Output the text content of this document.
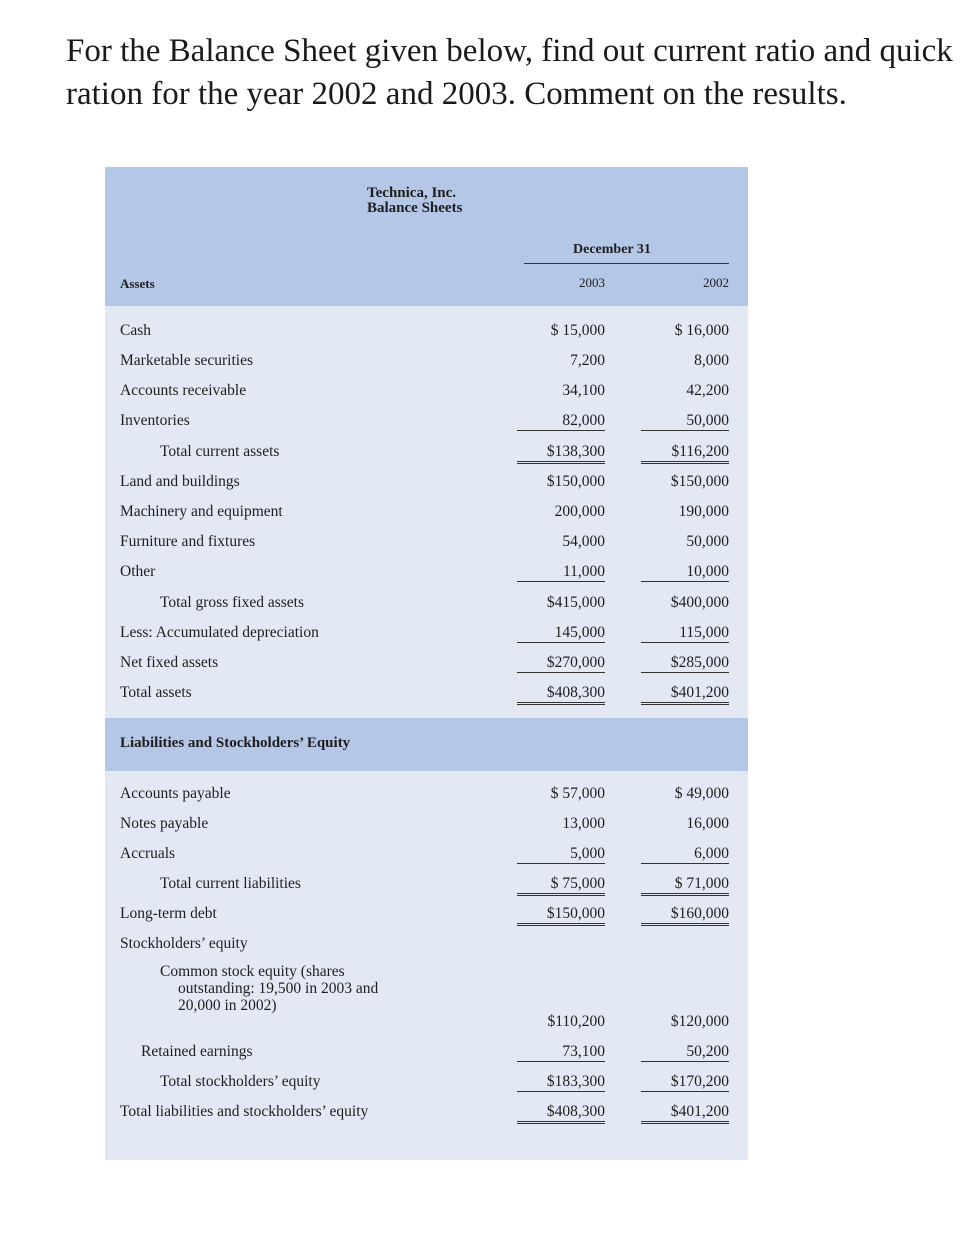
For the Balance Sheet given below, find out current ratio and quick ration for the year 2002 and 2003. Comment on the results.

Technica, Inc.
Balance Sheets
December 31
2003	2002
Assets
Cash	$ 15,000	$ 16,000
Marketable securities	7,200	8,000
Accounts receivable	34,100	42,200
Inventories	82,000	50,000
Total current assets	$138,300	$116,200
Land and buildings	$150,000	$150,000
Machinery and equipment	200,000	190,000
Furniture and fixtures	54,000	50,000
Other	11,000	10,000
Total gross fixed assets	$415,000	$400,000
Less: Accumulated depreciation	145,000	115,000
Net fixed assets	$270,000	$285,000
Total assets	$408,300	$401,200
Liabilities and Stockholders’ Equity
Accounts payable	$ 57,000	$ 49,000
Notes payable	13,000	16,000
Accruals	5,000	6,000
Total current liabilities	$ 75,000	$ 71,000
Long-term debt	$150,000	$160,000
Stockholders’ equity
Common stock equity (shares
outstanding: 19,500 in 2003 and
20,000 in 2002)
$110,200	$120,000
Retained earnings	73,100	50,200
Total stockholders’ equity	$183,300	$170,200
Total liabilities and stockholders’ equity	$408,300	$401,200
